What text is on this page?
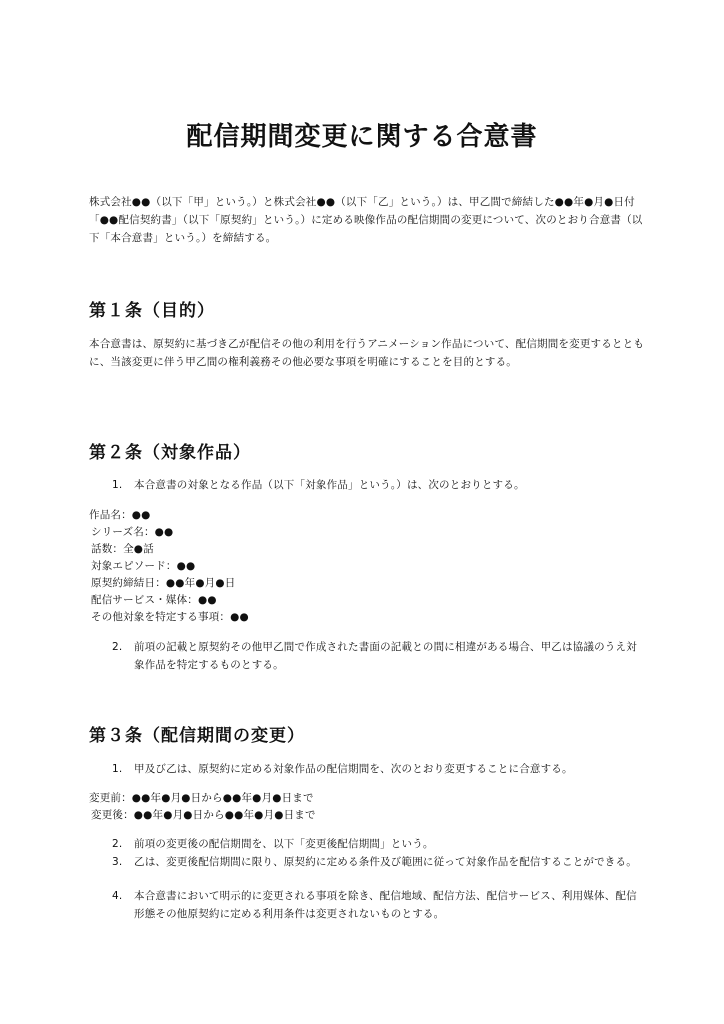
配信期間変更に関する合意書

株式会社●●（以下「甲」という。）と株式会社●●（以下「乙」という。）は、甲乙間で締結した●●年●月●日付「●●配信契約書」（以下「原契約」という。）に定める映像作品の配信期間の変更について、次のとおり合意書（以下「本合意書」という。）を締結する。

第１条（目的）

本合意書は、原契約に基づき乙が配信その他の利用を行うアニメーション作品について、配信期間を変更するとともに、当該変更に伴う甲乙間の権利義務その他必要な事項を明確にすることを目的とする。

第２条（対象作品）
1. 本合意書の対象となる作品（以下「対象作品」という。）は、次のとおりとする。

作品名：●●

シリーズ名：●●

話数：全●話

対象エピソード：●●

原契約締結日：●●年●月●日

配信サービス・媒体：●●

その他対象を特定する事項：●●

2. 前項の記載と原契約その他甲乙間で作成された書面の記載との間に相違がある場合、甲乙は協議のうえ対象作品を特定するものとする。
第３条（配信期間の変更）
1. 甲及び乙は、原契約に定める対象作品の配信期間を、次のとおり変更することに合意する。

変更前：●●年●月●日から●●年●月●日まで

変更後：●●年●月●日から●●年●月●日まで

2. 前項の変更後の配信期間を、以下「変更後配信期間」という。
3. 乙は、変更後配信期間に限り、原契約に定める条件及び範囲に従って対象作品を配信することができる。
4. 本合意書において明示的に変更される事項を除き、配信地域、配信方法、配信サービス、利用媒体、配信形態その他原契約に定める利用条件は変更されないものとする。
